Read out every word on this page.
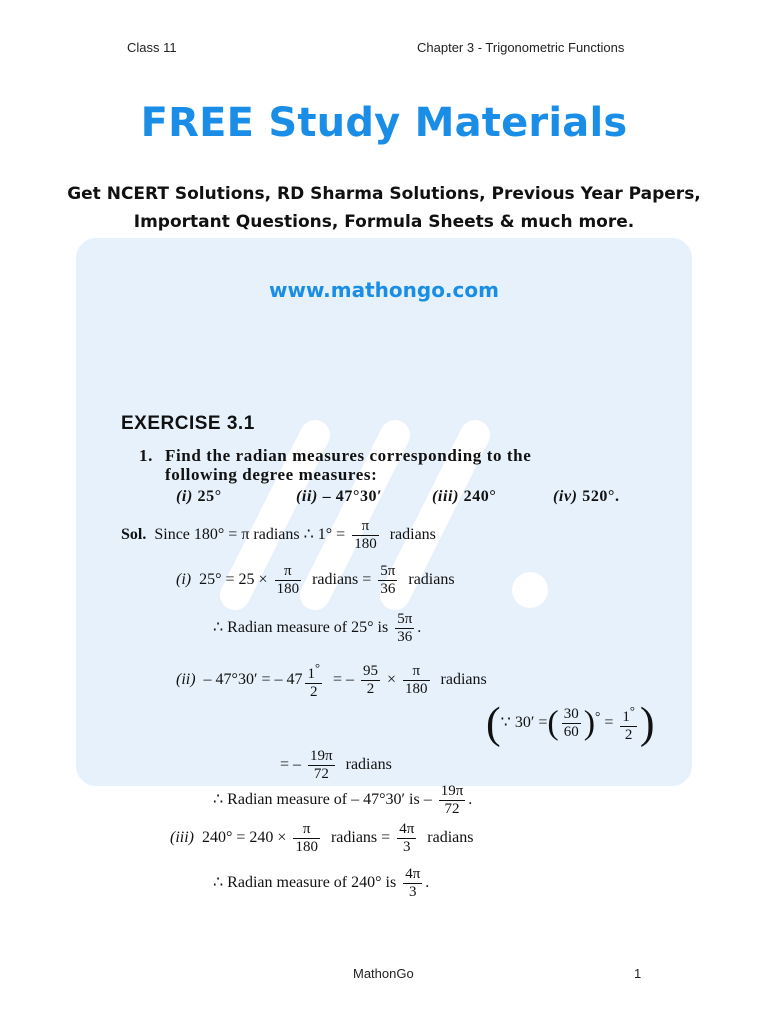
Class 11	Chapter 3 - Trigonometric Functions
FREE Study Materials
Get NCERT Solutions, RD Sharma Solutions, Previous Year Papers,
Important Questions, Formula Sheets & much more.
www.mathongo.com
EXERCISE 3.1
1. Find the radian measures corresponding to the
following degree measures:
(i) 25°	(ii) – 47°30′	(iii) 240°	(iv) 520°.
Sol. Since 180° = π radians ∴ $1^\circ = \frac{\pi}{180}$ radians
(i) $25^\circ = 25 \times \frac{\pi}{180}$ radians = $\frac{5\pi}{36}$ radians
∴ Radian measure of 25° is $\frac{5\pi}{36}$ .
(ii) – 47°30′ = – $47 \frac{1^\circ}{2}$ = – $\frac{95}{2} \times \frac{\pi}{180}$ radians
(∵ 30′ =( $\frac{30}{60} )^\circ = \frac{1^\circ}{2}$ )
= – $\frac{19\pi}{72}$ radians
∴ Radian measure of – 47°30′ is – $\frac{19\pi}{72}$ .
(iii) $240^\circ = 240 \times \frac{\pi}{180}$ radians = $\frac{4\pi}{3}$ radians
∴ Radian measure of 240° is $\frac{4\pi}{3}$ .
MathonGo	1
